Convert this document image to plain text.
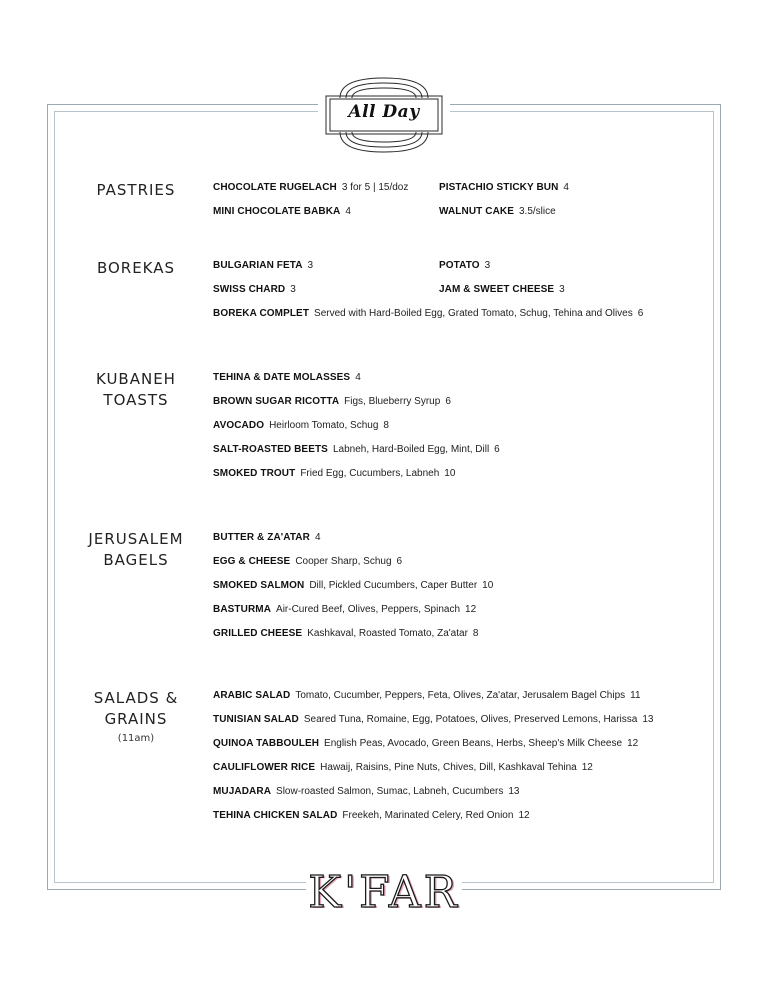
All Day
PASTRIES	CHOCOLATE RUGELACH 3 for 5 | 15/doz	PISTACHIO STICKY BUN 4
MINI CHOCOLATE BABKA 4	WALNUT CAKE 3.5/slice
BOREKAS	BULGARIAN FETA 3	POTATO 3
SWISS CHARD 3	JAM & SWEET CHEESE 3
BOREKA COMPLET Served with Hard-Boiled Egg, Grated Tomato, Schug, Tehina and Olives 6
KUBANEH
TOASTS
TEHINA & DATE MOLASSES 4
BROWN SUGAR RICOTTA Figs, Blueberry Syrup 6
AVOCADO Heirloom Tomato, Schug 8
SALT-ROASTED BEETS Labneh, Hard-Boiled Egg, Mint, Dill 6
SMOKED TROUT Fried Egg, Cucumbers, Labneh 10
JERUSALEM
BAGELS
BUTTER & ZA'ATAR 4
EGG & CHEESE Cooper Sharp, Schug 6
SMOKED SALMON Dill, Pickled Cucumbers, Caper Butter 10
BASTURMA Air-Cured Beef, Olives, Peppers, Spinach 12
GRILLED CHEESE Kashkaval, Roasted Tomato, Za'atar 8
SALADS &
GRAINS
(11am)
ARABIC SALAD Tomato, Cucumber, Peppers, Feta, Olives, Za'atar, Jerusalem Bagel Chips 11
TUNISIAN SALAD Seared Tuna, Romaine, Egg, Potatoes, Olives, Preserved Lemons, Harissa 13
QUINOA TABBOULEH English Peas, Avocado, Green Beans, Herbs, Sheep's Milk Cheese 12
CAULIFLOWER RICE Hawaij, Raisins, Pine Nuts, Chives, Dill, Kashkaval Tehina 12
MUJADARA Slow-roasted Salmon, Sumac, Labneh, Cucumbers 13
TEHINA CHICKEN SALAD Freekeh, Marinated Celery, Red Onion 12
K'FAR
